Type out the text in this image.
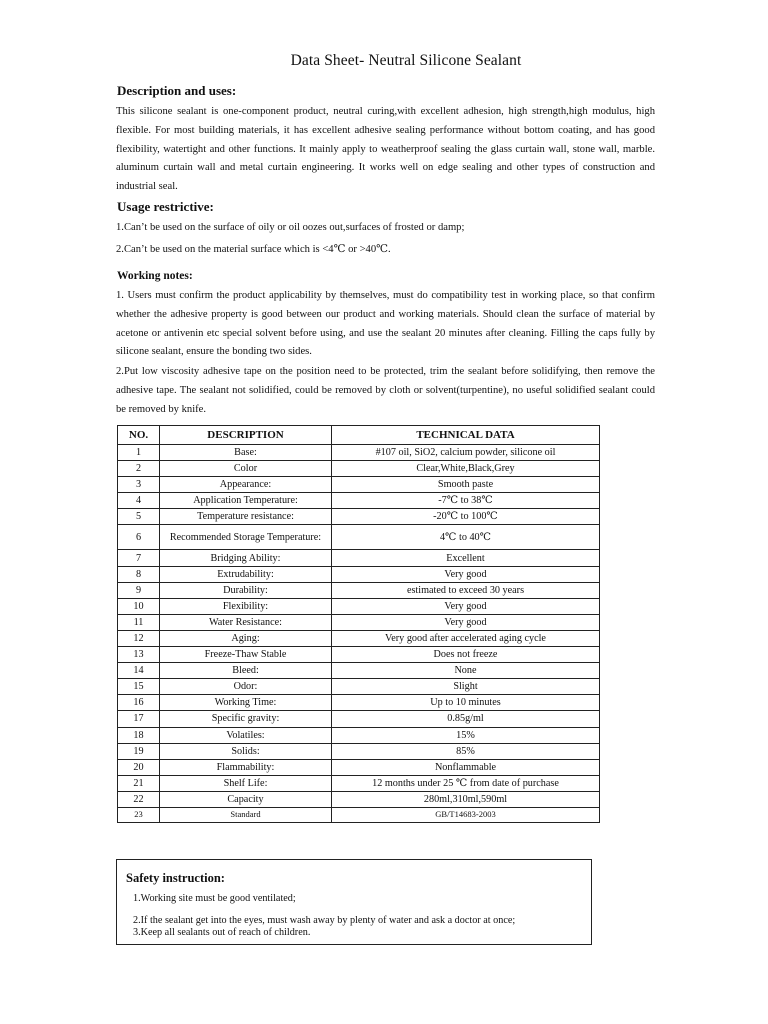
Data Sheet- Neutral Silicone Sealant
Description and uses:
This silicone sealant is one-component product, neutral curing,with excellent adhesion, high strength,high modulus, high flexible. For most building materials, it has excellent adhesive sealing performance without bottom coating, and has good flexibility, watertight and other functions. It mainly apply to weatherproof sealing the glass curtain wall, stone wall, marble. aluminum curtain wall and metal curtain engineering. It works well on edge sealing and other types of construction and industrial seal.
Usage restrictive:
1.Can’t be used on the surface of oily or oil oozes out,surfaces of frosted or damp;
2.Can’t be used on the material surface which is <4℃ or >40℃.
Working notes:
1. Users must confirm the product applicability by themselves, must do compatibility test in working place, so that confirm whether the adhesive property is good between our product and working materials. Should clean the surface of material by acetone or antivenin etc special solvent before using, and use the sealant 20 minutes after cleaning. Filling the caps fully by silicone sealant, ensure the bonding two sides.
2.Put low viscosity adhesive tape on the position need to be protected, trim the sealant before solidifying, then remove the adhesive tape. The sealant not solidified, could be removed by cloth or solvent(turpentine), no useful solidified sealant could be removed by knife.
NO.	DESCRIPTION	TECHNICAL DATA
1	Base:	#107 oil, SiO2, calcium powder, silicone oil
2	Color	Clear,White,Black,Grey
3	Appearance:	Smooth paste
4	Application Temperature:	-7℃ to 38℃
5	Temperature resistance:	-20℃ to 100℃
6	Recommended Storage Temperature:	4℃ to 40℃
7	Bridging Ability:	Excellent
8	Extrudability:	Very good
9	Durability:	estimated to exceed 30 years
10	Flexibility:	Very good
11	Water Resistance:	Very good
12	Aging:	Very good after accelerated aging cycle
13	Freeze-Thaw Stable	Does not freeze
14	Bleed:	None
15	Odor:	Slight
16	Working Time:	Up to 10 minutes
17	Specific gravity:	0.85g/ml
18	Volatiles:	15%
19	Solids:	85%
20	Flammability:	Nonflammable
21	Shelf Life:	12 months under 25 ℃ from date of purchase
22	Capacity	280ml,310ml,590ml
23	Standard	GB/T14683-2003
Safety instruction:
1.Working site must be good ventilated;
2.If the sealant get into the eyes, must wash away by plenty of water and ask a doctor at once;
3.Keep all sealants out of reach of children.
